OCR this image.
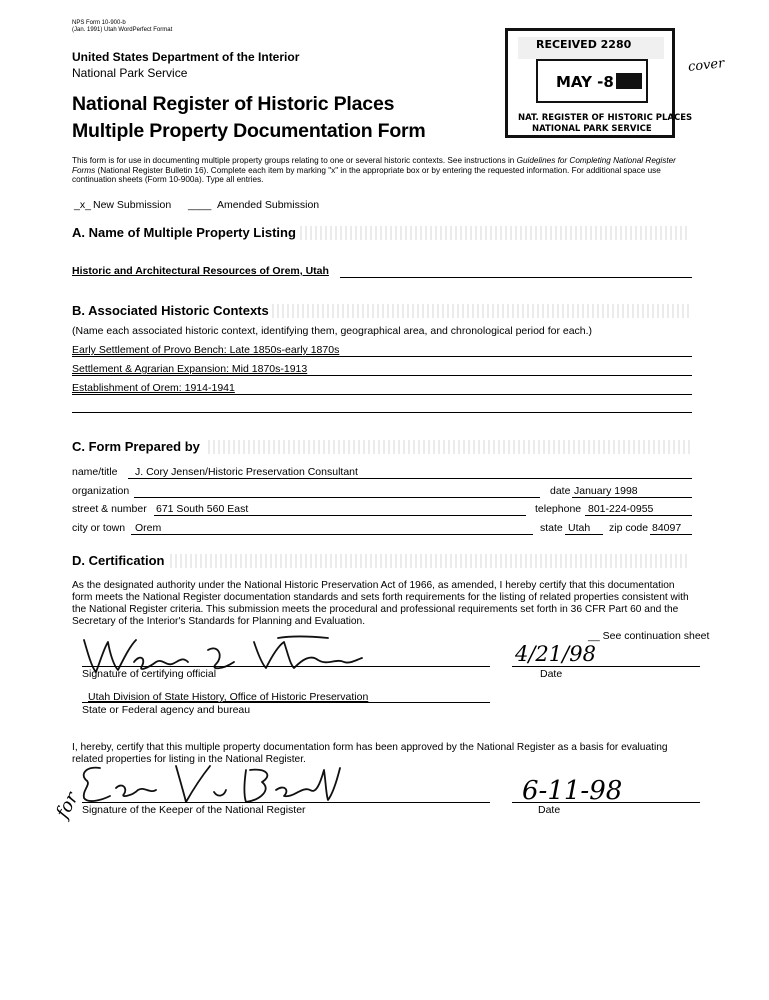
NPS Form 10-900-b
(Jan. 1991) Utah WordPerfect Format
RECEIVED 2280
MAY -8
NAT. REGISTER OF HISTORIC PLACES
NATIONAL PARK SERVICE
cover
United States Department of the Interior
National Park Service
National Register of Historic Places
Multiple Property Documentation Form
This form is for use in documenting multiple property groups relating to one or several historic contexts. See instructions in Guidelines for Completing National Register Forms (National Register Bulletin 16). Complete each item by marking "x" in the appropriate box or by entering the requested information. For additional space use continuation sheets (Form 10-900a). Type all entries.
_x_ New Submission ____ Amended Submission
A. Name of Multiple Property Listing
Historic and Architectural Resources of Orem, Utah
B. Associated Historic Contexts
(Name each associated historic context, identifying them, geographical area, and chronological period for each.)
Early Settlement of Provo Bench: Late 1850s-early 1870s
Settlement & Agrarian Expansion: Mid 1870s-1913
Establishment of Orem: 1914-1941
C. Form Prepared by
name/title J. Cory Jensen/Historic Preservation Consultant
organization	date January 1998
street & number 671 South 560 East	telephone 801-224-0955
city or town Orem	state Utah zip code 84097
D. Certification
As the designated authority under the National Historic Preservation Act of 1966, as amended, I hereby certify that this documentation form meets the National Register documentation standards and sets forth requirements for the listing of related properties consistent with the National Register criteria. This submission meets the procedural and professional requirements set forth in 36 CFR Part 60 and the Secretary of the Interior's Standards for Planning and Evaluation.
__ See continuation sheet
Signature of certifying official
4/21/98
Date
Utah Division of State History, Office of Historic Preservation
State or Federal agency and bureau
I, hereby, certify that this multiple property documentation form has been approved by the National Register as a basis for evaluating related properties for listing in the National Register.
Signature of the Keeper of the National Register
6-11-98
Date
for
